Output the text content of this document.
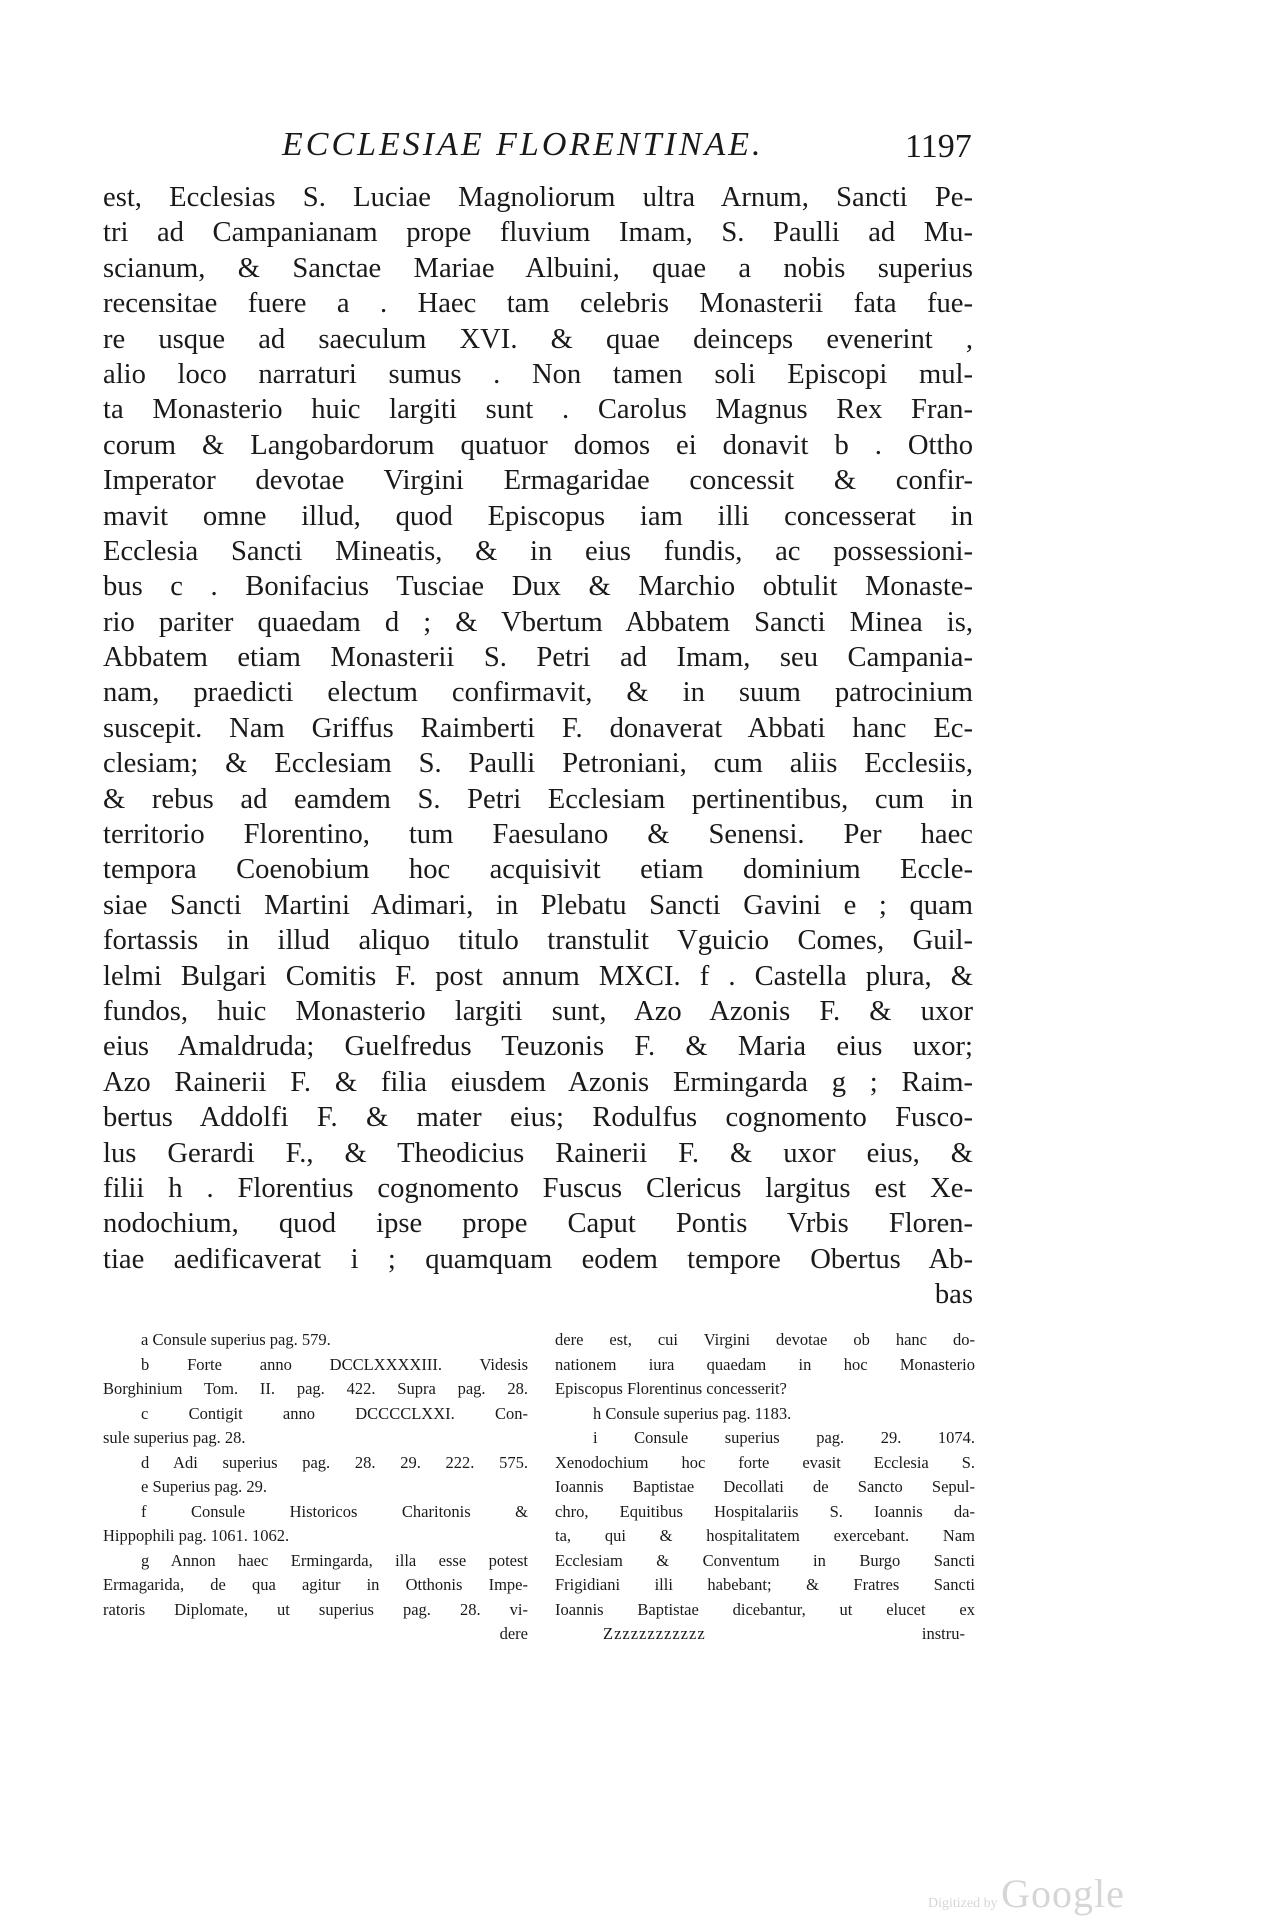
ECCLESIAE FLORENTINAE.	1197
est, Ecclesias S. Luciae Magnoliorum ultra Arnum, Sancti Pe-
tri ad Campanianam prope fluvium Imam, S. Paulli ad Mu-
scianum, & Sanctae Mariae Albuini, quae a nobis superius
recensitae fuere a . Haec tam celebris Monasterii fata fue-
re usque ad saeculum XVI. & quae deinceps evenerint ,
alio loco narraturi sumus . Non tamen soli Episcopi mul-
ta Monasterio huic largiti sunt . Carolus Magnus Rex Fran-
corum & Langobardorum quatuor domos ei donavit b . Ottho
Imperator devotae Virgini Ermagaridae concessit & confir-
mavit omne illud, quod Episcopus iam illi concesserat in
Ecclesia Sancti Mineatis, & in eius fundis, ac possessioni-
bus c . Bonifacius Tusciae Dux & Marchio obtulit Monaste-
rio pariter quaedam d ; & Vbertum Abbatem Sancti Minea is,
Abbatem etiam Monasterii S. Petri ad Imam, seu Campania-
nam, praedicti electum confirmavit, & in suum patrocinium
suscepit. Nam Griffus Raimberti F. donaverat Abbati hanc Ec-
clesiam; & Ecclesiam S. Paulli Petroniani, cum aliis Ecclesiis,
& rebus ad eamdem S. Petri Ecclesiam pertinentibus, cum in
territorio Florentino, tum Faesulano & Senensi. Per haec
tempora Coenobium hoc acquisivit etiam dominium Eccle-
siae Sancti Martini Adimari, in Plebatu Sancti Gavini e ; quam
fortassis in illud aliquo titulo transtulit Vguicio Comes, Guil-
lelmi Bulgari Comitis F. post annum MXCI. f . Castella plura, &
fundos, huic Monasterio largiti sunt, Azo Azonis F. & uxor
eius Amaldruda; Guelfredus Teuzonis F. & Maria eius uxor;
Azo Rainerii F. & filia eiusdem Azonis Ermingarda g ; Raim-
bertus Addolfi F. & mater eius; Rodulfus cognomento Fusco-
lus Gerardi F., & Theodicius Rainerii F. & uxor eius, &
filii h . Florentius cognomento Fuscus Clericus largitus est Xe-
nodochium, quod ipse prope Caput Pontis Vrbis Floren-
tiae aedificaverat i ; quamquam eodem tempore Obertus Ab-
bas
a Consule superius pag. 579.
b Forte anno DCCLXXXXIII. Videsis
Borghinium Tom. II. pag. 422. Supra pag. 28.
c Contigit anno DCCCCLXXI. Con-
sule superius pag. 28.
d Adi superius pag. 28. 29. 222. 575.
e Superius pag. 29.
f Consule Historicos Charitonis &
Hippophili pag. 1061. 1062.
g Annon haec Ermingarda, illa esse potest
Ermagarida, de qua agitur in Otthonis Impe-
ratoris Diplomate, ut superius pag. 28. vi-
dere
dere est, cui Virgini devotae ob hanc do-
nationem iura quaedam in hoc Monasterio
Episcopus Florentinus concesserit?
h Consule superius pag. 1183.
i Consule superius pag. 29. 1074.
Xenodochium hoc forte evasit Ecclesia S.
Ioannis Baptistae Decollati de Sancto Sepul-
chro, Equitibus Hospitalariis S. Ioannis da-
ta, qui & hospitalitatem exercebant. Nam
Ecclesiam & Conventum in Burgo Sancti
Frigidiani illi habebant; & Fratres Sancti
Ioannis Baptistae dicebantur, ut elucet ex
Zzzzzzzzzzzz	instru-
Digitized by Google
